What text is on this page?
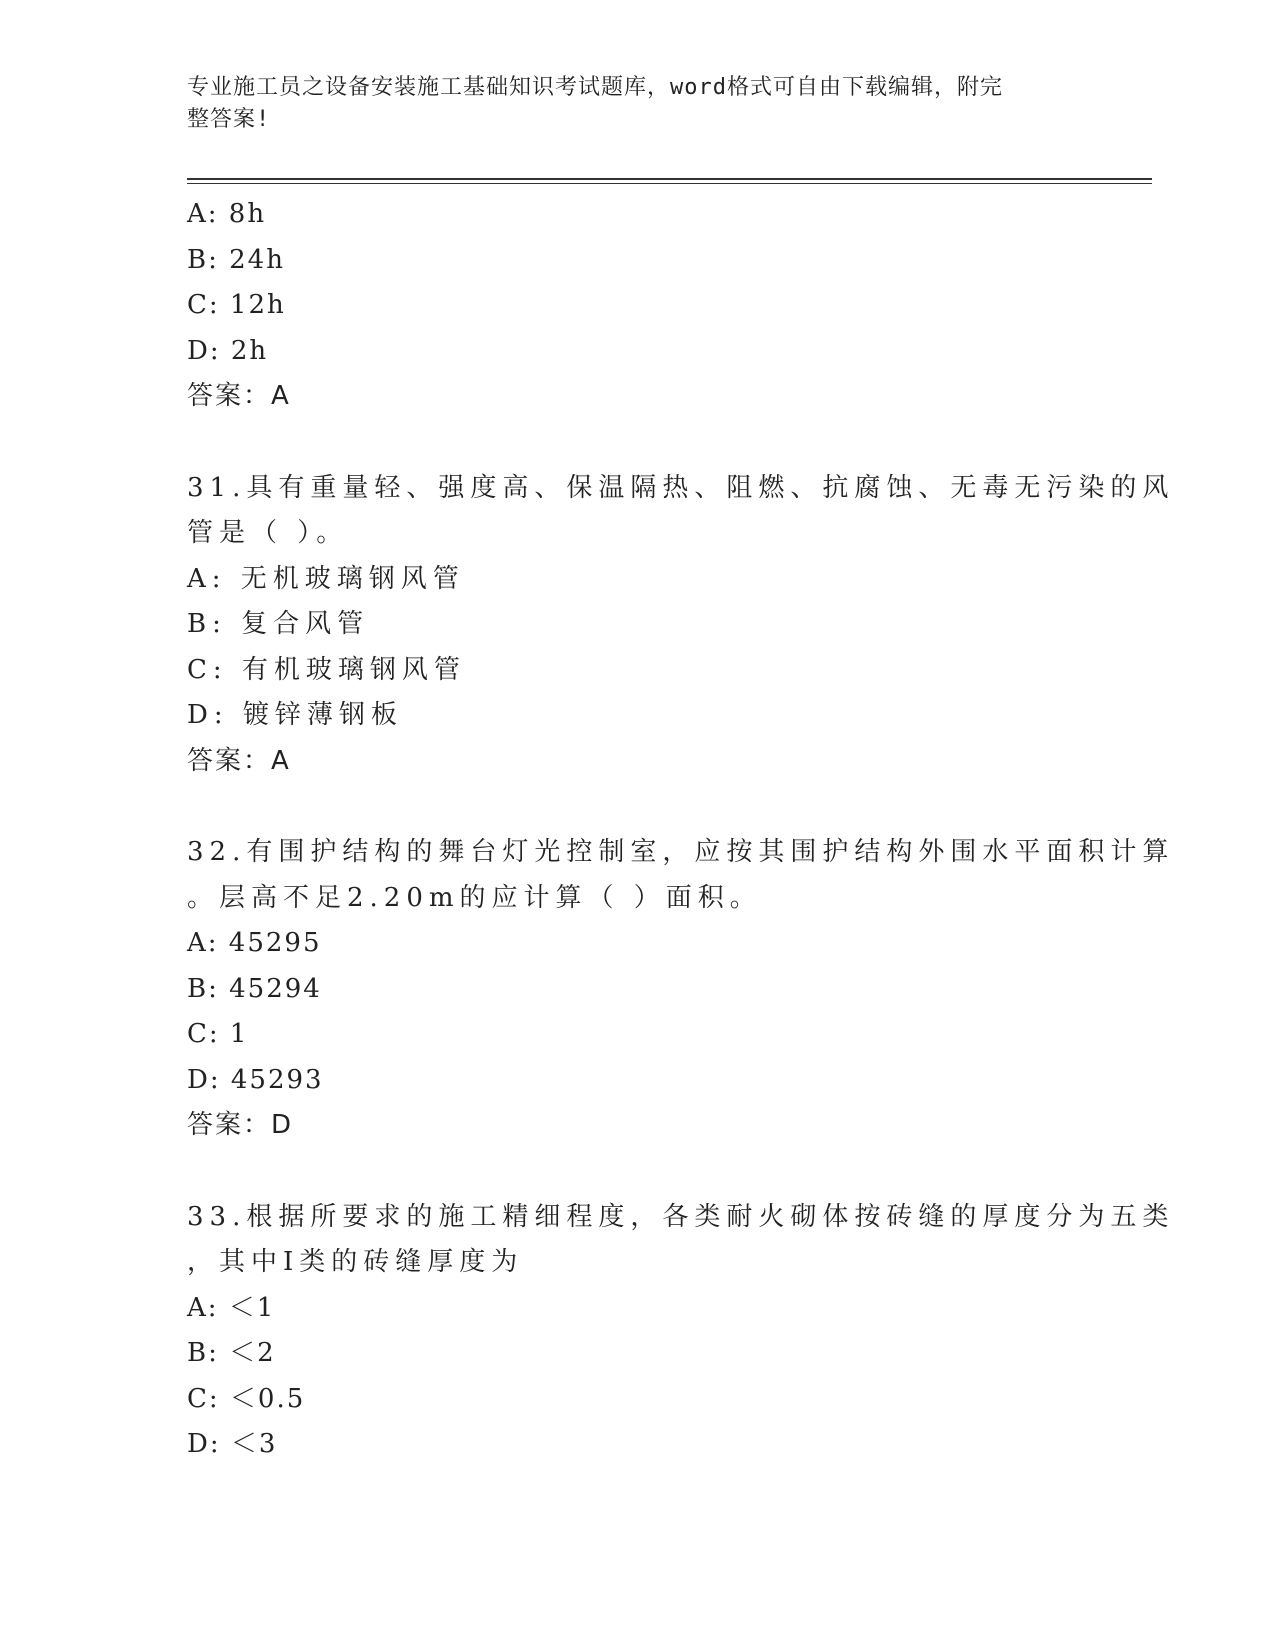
专业施工员之设备安装施工基础知识考试题库，word格式可自由下载编辑，附完
整答案!
A: 8h
B: 24h
C: 12h
D: 2h
答案：A
31.具有重量轻、强度高、保温隔热、阻燃、抗腐蚀、无毒无污染的风
管是（ ）。
A: 无机玻璃钢风管
B: 复合风管
C: 有机玻璃钢风管
D: 镀锌薄钢板
答案：A
32.有围护结构的舞台灯光控制室，应按其围护结构外围水平面积计算
。层高不足2.20m的应计算（ ）面积。
A: 45295
B: 45294
C: 1
D: 45293
答案：D
33.根据所要求的施工精细程度，各类耐火砌体按砖缝的厚度分为五类
，其中Ⅰ类的砖缝厚度为
A: ＜1
B: ＜2
C: ＜0.5
D: ＜3
